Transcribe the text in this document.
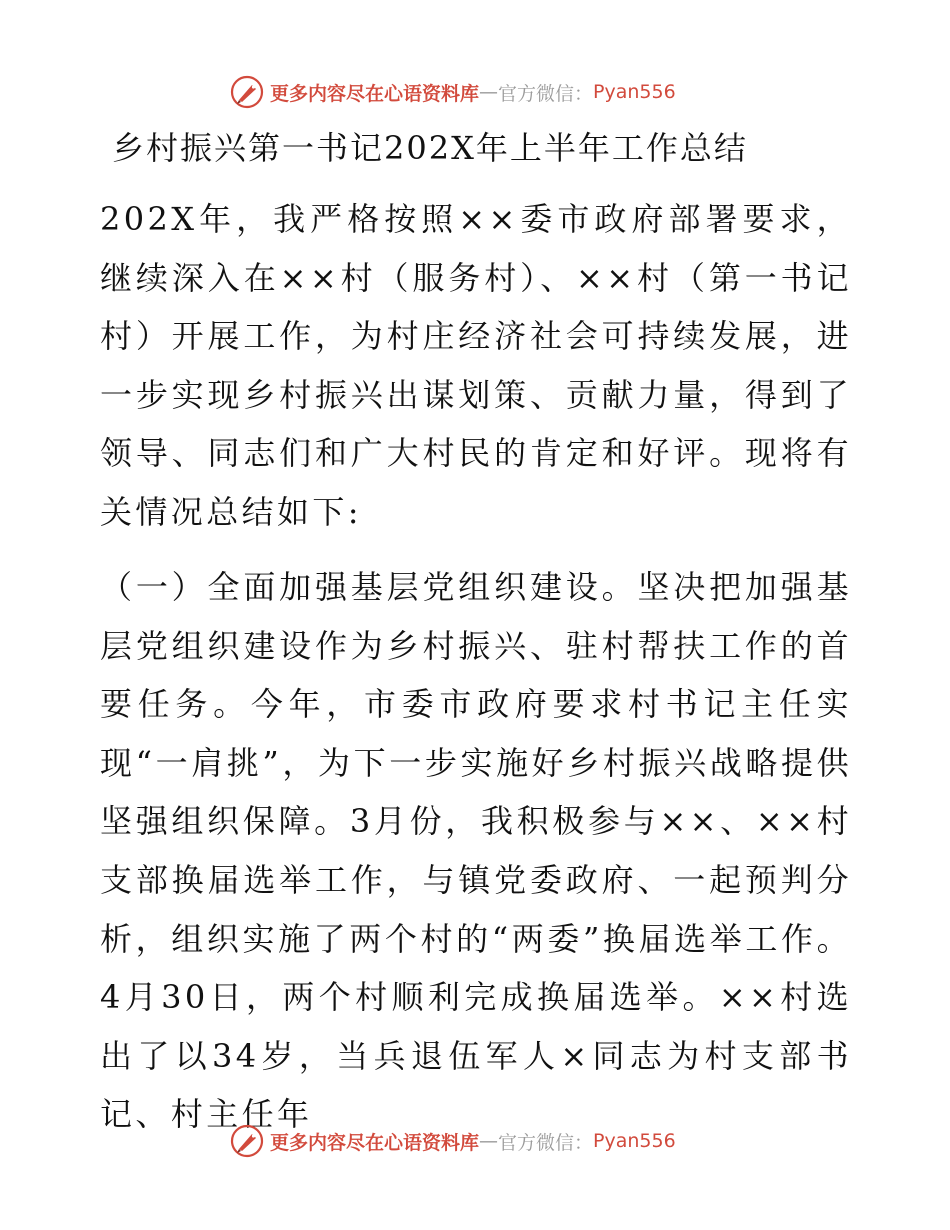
更多内容尽在心语资料库 — 官方微信： Pyan556
乡村振兴第一书记202X年上半年工作总结
202X年，我严格按照××委市政府部署要求，继续深入在××村（服务村）、××村（第一书记村）开展工作，为村庄经济社会可持续发展，进一步实现乡村振兴出谋划策、贡献力量，得到了领导、同志们和广大村民的肯定和好评。现将有关情况总结如下:
（一）全面加强基层党组织建设。坚决把加强基层党组织建设作为乡村振兴、驻村帮扶工作的首要任务。今年，市委市政府要求村书记主任实现“一肩挑”，为下一步实施好乡村振兴战略提供坚强组织保障。3月份，我积极参与××、××村支部换届选举工作，与镇党委政府、一起预判分析，组织实施了两个村的“两委”换届选举工作。4月30日，两个村顺利完成换届选举。××村选出了以34岁，当兵退伍军人×同志为村支部书记、村主任年
更多内容尽在心语资料库 — 官方微信： Pyan556
